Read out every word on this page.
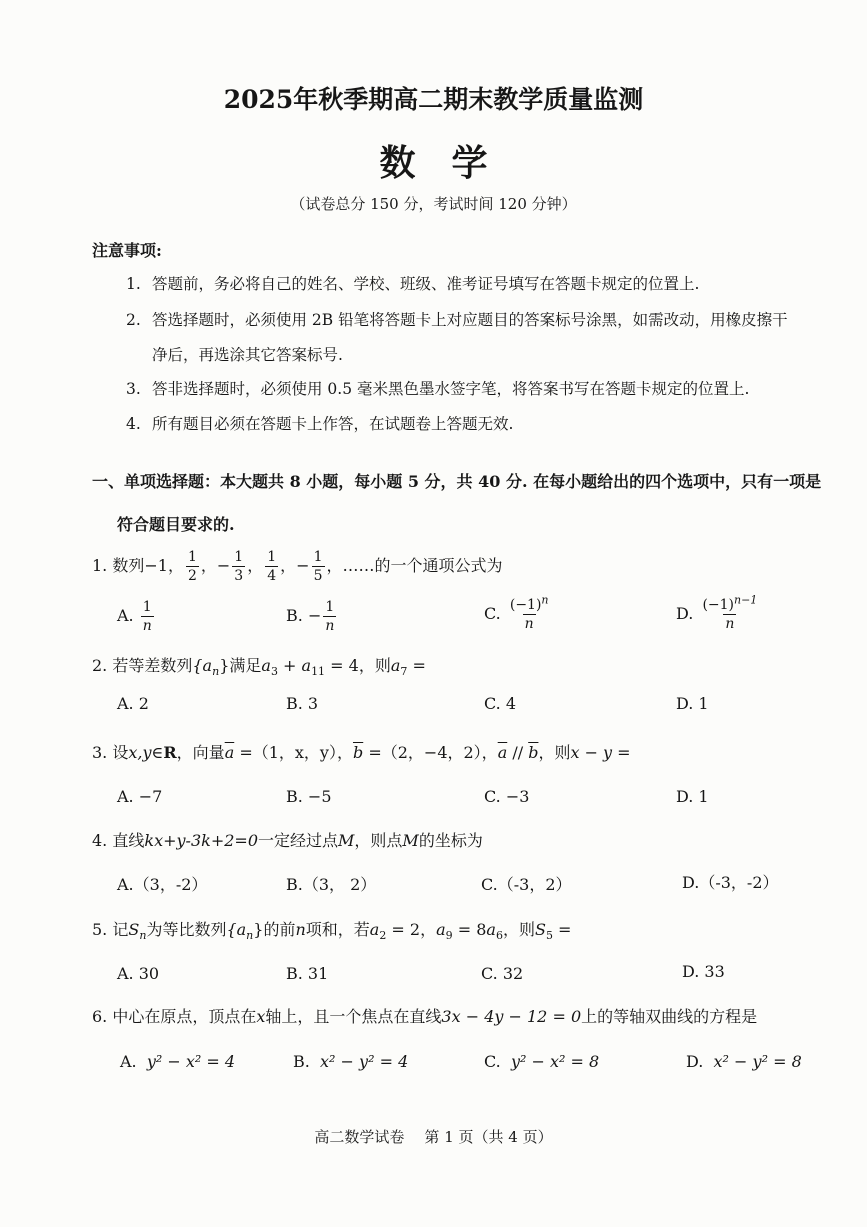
2025年秋季期高二期末教学质量监测
数学
（试卷总分 150 分，考试时间 120 分钟）
注意事项:
1. 答题前，务必将自己的姓名、学校、班级、准考证号填写在答题卡规定的位置上.
2. 答选择题时，必须使用 2B 铅笔将答题卡上对应题目的答案标号涂黑，如需改动，用橡皮擦干
净后，再选涂其它答案标号.
3. 答非选择题时，必须使用 0.5 毫米黑色墨水签字笔，将答案书写在答题卡规定的位置上.
4. 所有题目必须在答题卡上作答，在试题卷上答题无效.
一、单项选择题：本大题共 8 小题，每小题 5 分，共 40 分. 在每小题给出的四个选项中，只有一项是
符合题目要求的.
1. 数列−1， $\frac{1}{2}$ ，− $\frac{1}{3}$ ， $\frac{1}{4}$ ，− $\frac{1}{5}$ ，……的一个通项公式为
A. $\frac{1}{n}$	B. − $\frac{1}{n}$	C. $\frac{(-1)^n}{n}$	D. $\frac{(-1)^{n-1}}{n}$
2. 若等差数列$\{a_n\}$满足$a_3 + a_{11} = 4$，则$a_7$ =
A. 2	B. 3	C. 4	D. 1
3. 设x,y∈R，向量$\overline{a} =(1$，x，y），$\overline{b} =(2$，−4，2），$\overline{a} // \overline{b}$，则x − y =
A. −7	B. −5	C. −3	D. 1
4. 直线kx+y-3k+2=0一定经过点M，则点M的坐标为
A.（3，-2）	B.（3， 2）	C.（-3，2）	D.（-3，-2）
5. 记$S_n$为等比数列$\{a_n\}$的前n项和，若$a_2 = 2$，$a_9 = 8a_6$，则$S_5$ =
A. 30	B. 31	C. 32	D. 33
6. 中心在原点，顶点在x轴上，且一个焦点在直线3x − 4y − 12 = 0上的等轴双曲线的方程是
A. y² − x² = 4	B. x² − y² = 4	C. y² − x² = 8	D. x² − y² = 8
高二数学试卷 第 1 页（共 4 页）
